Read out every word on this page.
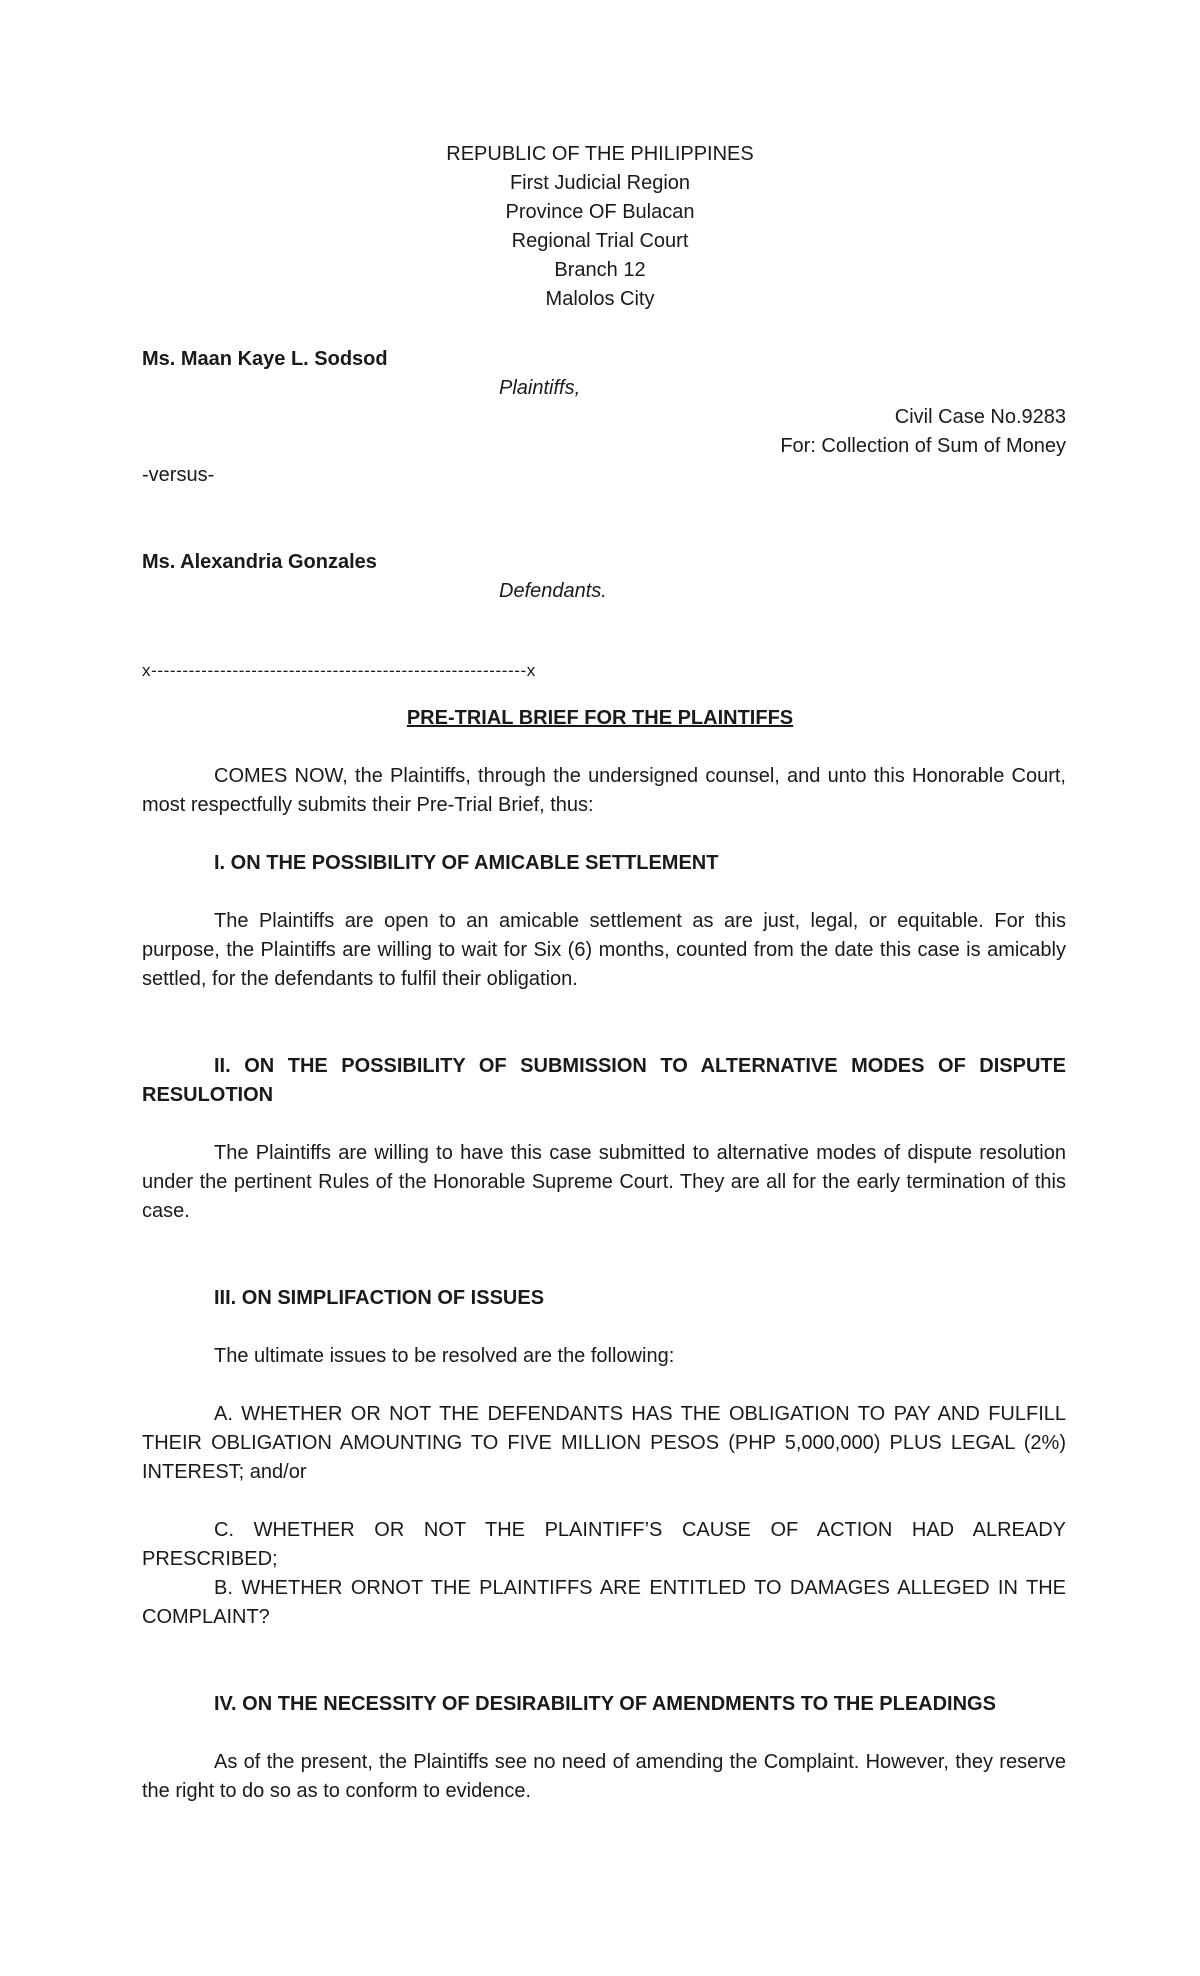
REPUBLIC OF THE PHILIPPINES
First Judicial Region
Province OF Bulacan
Regional Trial Court
Branch 12
Malolos City
Ms. Maan Kaye L. Sodsod
Plaintiffs,
Civil Case No.9283
For: Collection of Sum of Money
-versus-
Ms. Alexandria Gonzales
Defendants.
x------------------------------------------------------------x
PRE-TRIAL BRIEF FOR THE PLAINTIFFS
COMES NOW, the Plaintiffs, through the undersigned counsel, and unto this Honorable Court, most respectfully submits their Pre-Trial Brief, thus:
I. ON THE POSSIBILITY OF AMICABLE SETTLEMENT
The Plaintiffs are open to an amicable settlement as are just, legal, or equitable. For this purpose, the Plaintiffs are willing to wait for Six (6) months, counted from the date this case is amicably settled, for the defendants to fulfil their obligation.
II. ON THE POSSIBILITY OF SUBMISSION TO ALTERNATIVE MODES OF DISPUTE RESULOTION
The Plaintiffs are willing to have this case submitted to alternative modes of dispute resolution under the pertinent Rules of the Honorable Supreme Court. They are all for the early termination of this case.
III. ON SIMPLIFACTION OF ISSUES
The ultimate issues to be resolved are the following:
A. WHETHER OR NOT THE DEFENDANTS HAS THE OBLIGATION TO PAY AND FULFILL THEIR OBLIGATION AMOUNTING TO FIVE MILLION PESOS (PHP 5,000,000) PLUS LEGAL (2%) INTEREST; and/or
C. WHETHER OR NOT THE PLAINTIFF’S CAUSE OF ACTION HAD ALREADY PRESCRIBED;
B. WHETHER ORNOT THE PLAINTIFFS ARE ENTITLED TO DAMAGES ALLEGED IN THE COMPLAINT?
IV. ON THE NECESSITY OF DESIRABILITY OF AMENDMENTS TO THE PLEADINGS
As of the present, the Plaintiffs see no need of amending the Complaint. However, they reserve the right to do so as to conform to evidence.
